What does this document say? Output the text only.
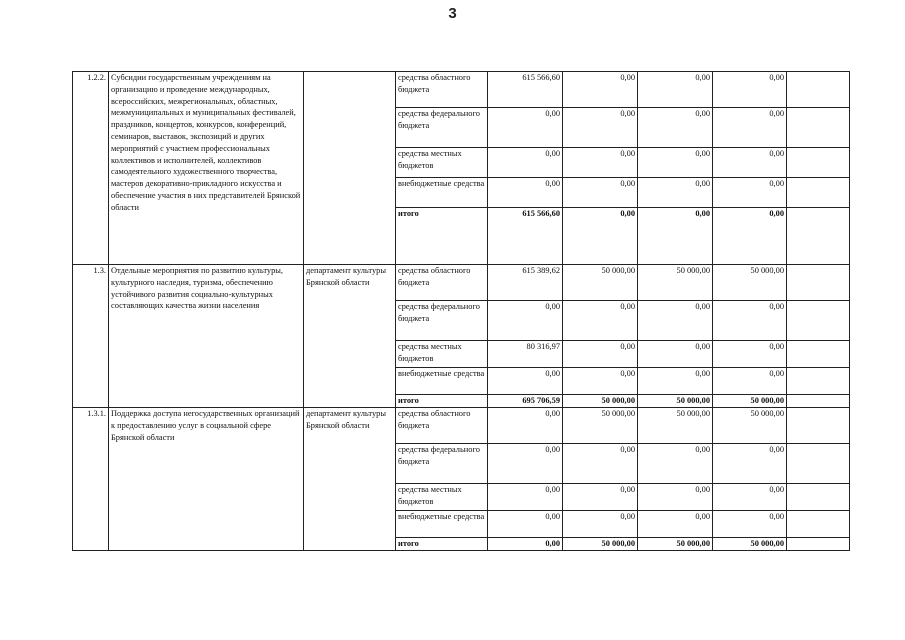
3
1.2.2.	Субсидии государственным учреждениям на организацию и проведение международных, всероссийских, межрегиональных, областных, межмуниципальных и муниципальных фестивалей, праздников, концертов, конкурсов, конференций, семинаров, выставок, экспозиций и других мероприятий с участием профессиональных коллективов и исполнителей, коллективов самодеятельного художественного творчества, мастеров декоративно-прикладного искусства и обеспечение участия в них представителей Брянской области		средства областного бюджета	615 566,60	0,00	0,00	0,00	
			средства федерального бюджета	0,00	0,00	0,00	0,00	
			средства местных бюджетов	0,00	0,00	0,00	0,00	
			внебюджетные средства	0,00	0,00	0,00	0,00	
			итого	615 566,60	0,00	0,00	0,00	
1.3.	Отдельные мероприятия по развитию культуры, культурного наследия, туризма, обеспечению устойчивого развития социально-культурных составляющих качества жизни населения	департамент культуры Брянской области	средства областного бюджета	615 389,62	50 000,00	50 000,00	50 000,00	
			средства федерального бюджета	0,00	0,00	0,00	0,00	
			средства местных бюджетов	80 316,97	0,00	0,00	0,00	
			внебюджетные средства	0,00	0,00	0,00	0,00	
			итого	695 706,59	50 000,00	50 000,00	50 000,00	
1.3.1.	Поддержка доступа негосударственных организаций к предоставлению услуг в социальной сфере Брянской области	департамент культуры Брянской области	средства областного бюджета	0,00	50 000,00	50 000,00	50 000,00	
			средства федерального бюджета	0,00	0,00	0,00	0,00	
			средства местных бюджетов	0,00	0,00	0,00	0,00	
			внебюджетные средства	0,00	0,00	0,00	0,00	
			итого	0,00	50 000,00	50 000,00	50 000,00	
